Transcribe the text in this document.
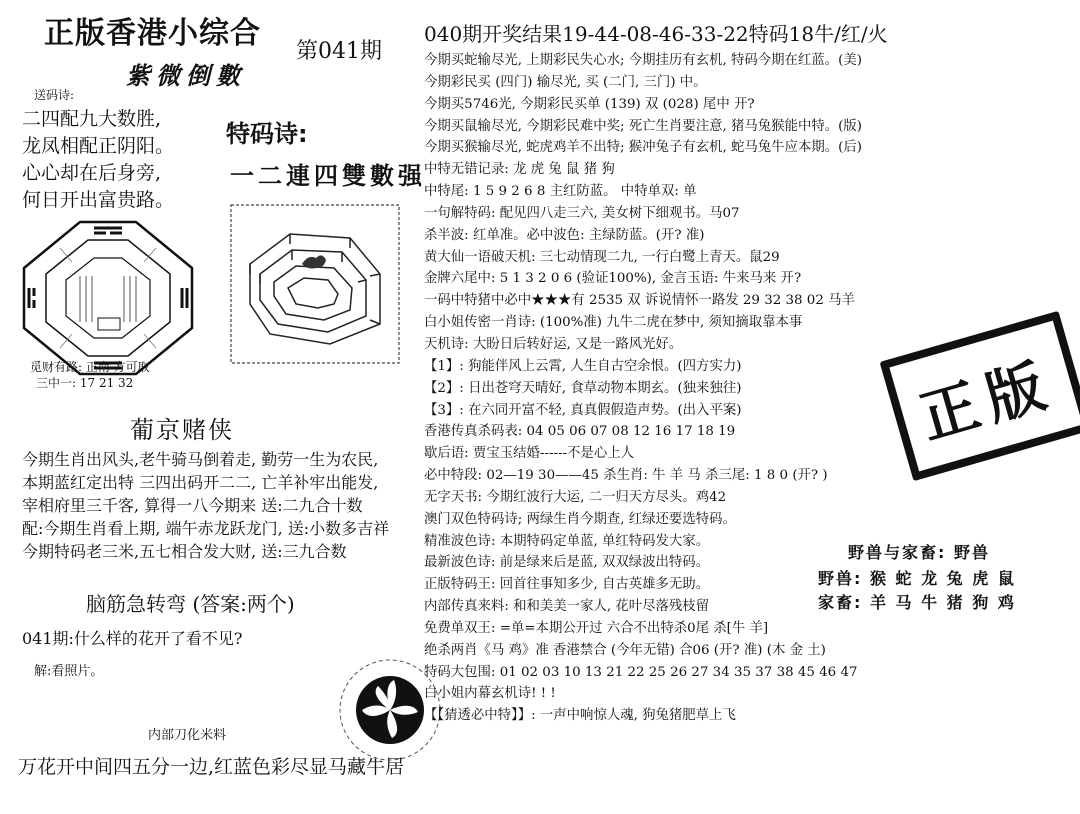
正版香港小综合
紫微倒數
第041期
040期开奖结果19-44-08-46-33-22特码18牛/红/火
送码诗:
二四配九大数胜,
龙凤相配正阴阳。
心心却在后身旁,
何日开出富贵路。
特码诗:
一二連四雙數强
觅财有路: 正南 方可取
三中一: 17 21 32
葡京赌侠
今期生肖出风头,老牛骑马倒着走, 勤劳一生为农民,
本期蓝红定出特 三四出码开二二, 亡羊补牢出能发,
宰相府里三千客, 算得一八今期来 送:二九合十数
配:今期生肖看上期, 端午赤龙跃龙门, 送:小数多吉祥
今期特码老三米,五七相合发大财, 送:三九合数
脑筋急转弯 (答案:两个)
041期:什么样的花开了看不见?
解:看照片。
内部刀化米料
万花开中间四五分一边,红蓝色彩尽显马藏牛居
今期买蛇输尽光, 上期彩民失心水; 今期挂历有玄机, 特码今期在红蓝。(美)
今期彩民买 (四门) 输尽光, 买 (二门, 三门) 中。
今期买5746光, 今期彩民买单 (139) 双 (028) 尾中 开?
今期买鼠输尽光, 今期彩民难中奖; 死亡生肖要注意, 猪马兔猴能中特。(版)
今期买猴输尽光, 蛇虎鸡羊不出特; 猴冲兔子有玄机, 蛇马兔牛应本期。(后)
中特无错记录: 龙 虎 兔 鼠 猪 狗
中特尾: 1 5 9 2 6 8 主红防蓝。 中特单双: 单
一句解特码: 配见四八走三六, 美女树下细观书。马07
杀半波: 红单准。必中波色: 主绿防蓝。(开? 准)
黄大仙一语破天机: 三七动情现二九, 一行白鹭上青天。鼠29
金牌六尾中: 5 1 3 2 0 6 (验证100%), 金言玉语: 牛来马来 开?
一码中特猪中必中★★★有 2535 双 诉说情怀一路发 29 32 38 02 马羊
白小姐传密一肖诗: (100%准) 九牛二虎在梦中, 须知摘取靠本事
天机诗: 大盼日后转好运, 又是一路风光好。
【1】: 狗能伴风上云霄, 人生自古空余恨。(四方实力)
【2】: 日出苍穹天晴好, 食草动物本期玄。(独来独往)
【3】: 在六同开富不轻, 真真假假造声势。(出入平案)
香港传真杀码表: 04 05 06 07 08 12 16 17 18 19
歇后语: 贾宝玉结婚------不是心上人
必中特段: 02—19 30——45 杀生肖: 牛 羊 马 杀三尾: 1 8 0 (开? )
无字天书: 今期红波行大运, 二一归天方尽头。鸡42
澳门双色特码诗; 两绿生肖今期查, 红绿还要选特码。
精准波色诗: 本期特码定单蓝, 单红特码发大家。
最新波色诗: 前是绿来后是蓝, 双双绿波出特码。
正版特码王: 回首往事知多少, 自古英雄多无助。
内部传真来料: 和和美美一家人, 花叶尽落残枝留
免费单双王: =单=本期公开过 六合不出特杀0尾 杀[牛 羊]
绝杀两肖《马 鸡》准 香港禁合 (今年无错) 合06 (开? 准) (木 金 土)
特码大包围: 01 02 03 10 13 21 22 25 26 27 34 35 37 38 45 46 47
白小姐内幕玄机诗! ! !
【【猜透必中特】】: 一声中响惊人魂, 狗兔猪肥草上飞
正版
野兽与家畜: 野兽
野兽: 猴 蛇 龙 兔 虎 鼠
家畜: 羊 马 牛 猪 狗 鸡
